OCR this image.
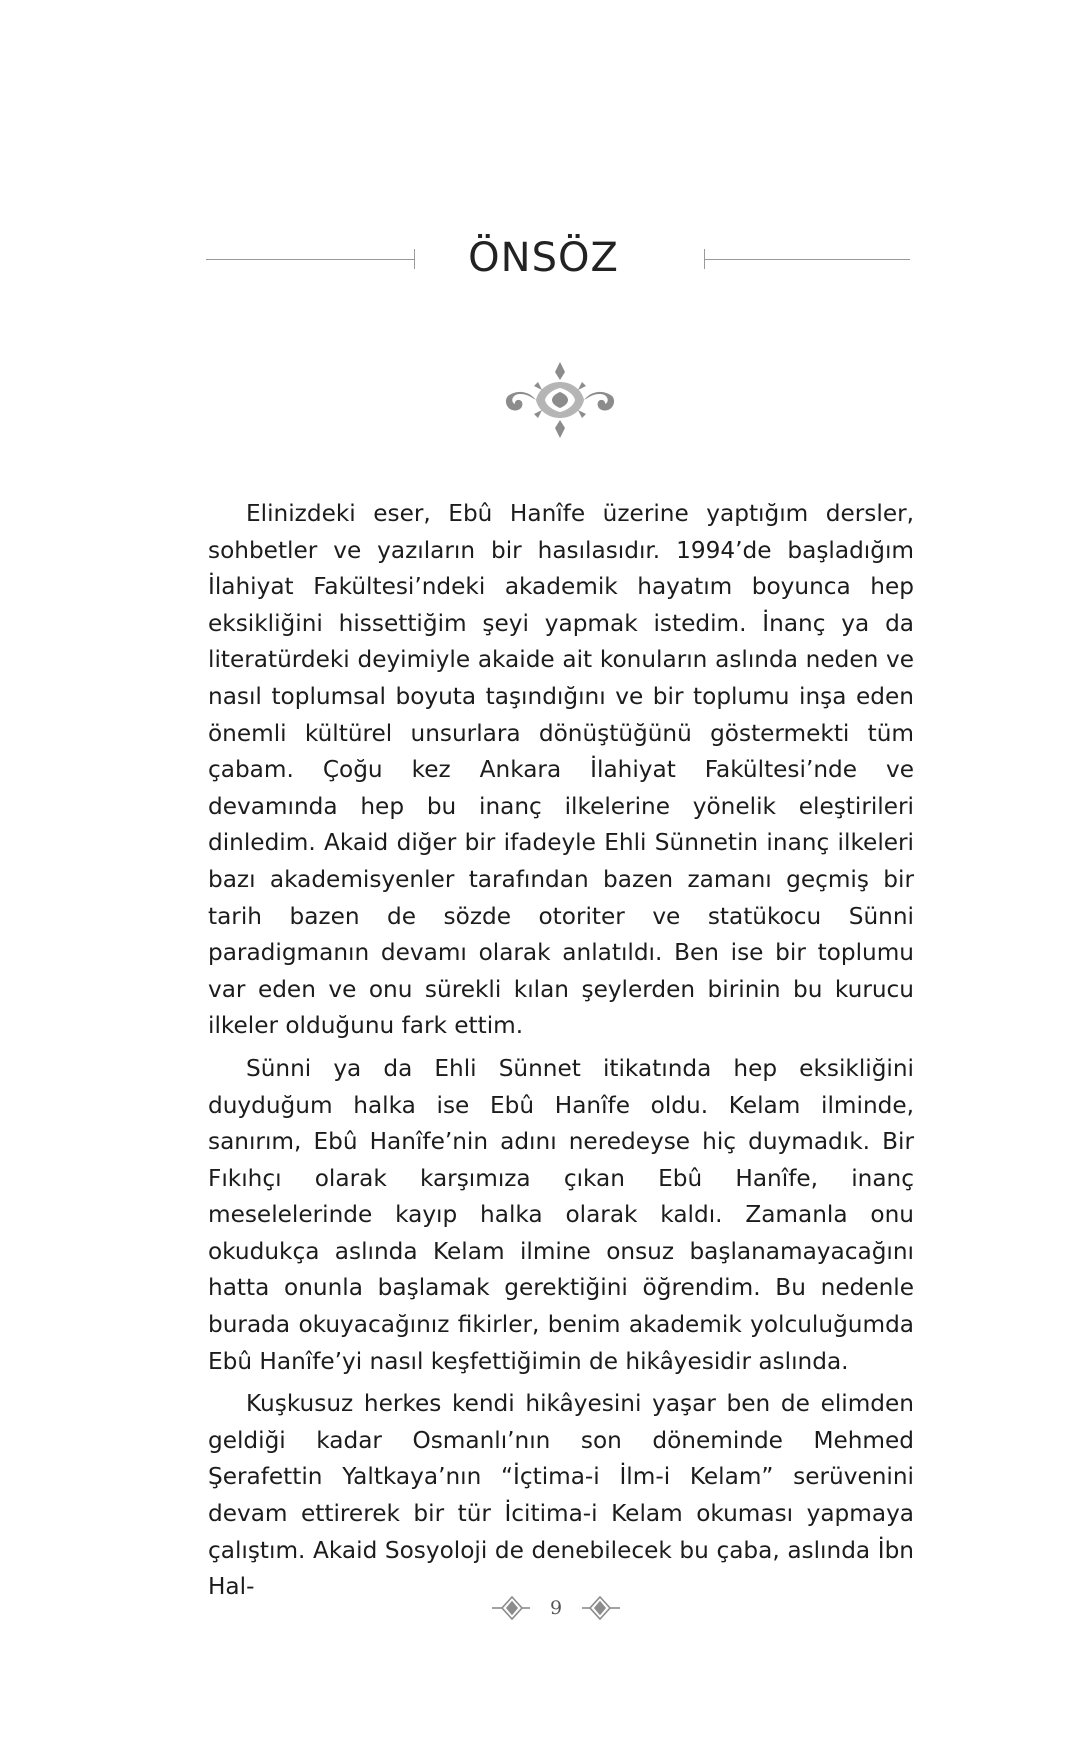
ÖNSÖZ

Elinizdeki eser, Ebû Hanîfe üzerine yaptığım dersler, sohbetler ve yazıların bir hasılasıdır. 1994’de başladığım İlahiyat Fakültesi’ndeki akademik hayatım boyunca hep eksikliğini hissettiğim şeyi yapmak istedim. İnanç ya da literatürdeki deyimiyle akaide ait konuların aslında neden ve nasıl toplumsal boyuta taşındığını ve bir toplumu inşa eden önemli kültürel unsurlara dönüştüğünü göstermekti tüm çabam. Çoğu kez Ankara İlahiyat Fakültesi’nde ve devamında hep bu inanç ilkelerine yönelik eleştirileri dinledim. Akaid diğer bir ifadeyle Ehli Sünnetin inanç ilkeleri bazı akademisyenler tarafından bazen zamanı geçmiş bir tarih bazen de sözde otoriter ve statükocu Sünni paradigmanın devamı olarak anlatıldı. Ben ise bir toplumu var eden ve onu sürekli kılan şeylerden birinin bu kurucu ilkeler olduğunu fark ettim.

Sünni ya da Ehli Sünnet itikatında hep eksikliğini duyduğum halka ise Ebû Hanîfe oldu. Kelam ilminde, sanırım, Ebû Hanîfe’nin adını neredeyse hiç duymadık. Bir Fıkıhçı olarak karşımıza çıkan Ebû Hanîfe, inanç meselelerinde kayıp halka olarak kaldı. Zamanla onu okudukça aslında Kelam ilmine onsuz başlanamayacağını hatta onunla başlamak gerektiğini öğrendim. Bu nedenle burada okuyacağınız fikirler, benim akademik yolculuğumda Ebû Hanîfe’yi nasıl keşfettiğimin de hikâyesidir aslında.

Kuşkusuz herkes kendi hikâyesini yaşar ben de elimden geldiği kadar Osmanlı’nın son döneminde Mehmed Şerafettin Yaltkaya’nın “İçtima-i İlm-i Kelam” serüvenini devam ettirerek bir tür İcitima-i Kelam okuması yapmaya çalıştım. Akaid Sosyoloji de denebilecek bu çaba, aslında İbn Hal-

9
